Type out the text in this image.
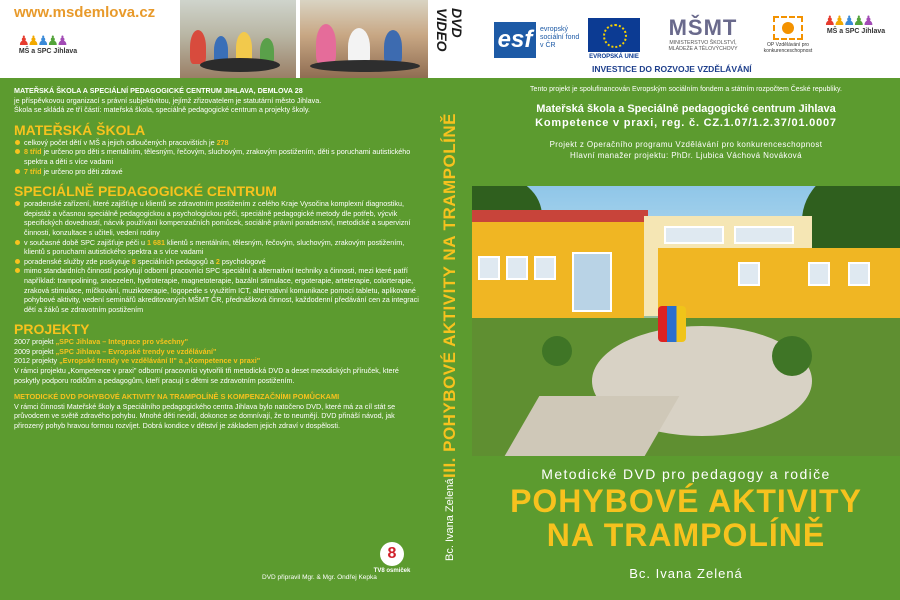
www.msdemlova.cz
♟♟♟♟♟
MŠ a SPC Jihlava

MATEŘSKÁ ŠKOLA A SPECIÁLNÍ PEDAGOGICKÉ CENTRUM JIHLAVA, DEMLOVA 28

je příspěvkovou organizací s právní subjektivitou, jejímž zřizovatelem je statutární město Jihlava.

Škola se skládá ze tří částí: mateřská škola, speciálně pedagogické centrum a projekty školy.

MATEŘSKÁ ŠKOLA
celkový počet dětí v MŠ a jejich odloučených pracovištích je 278
8 tříd je určeno pro děti s mentálním, tělesným, řečovým, sluchovým, zrakovým postižením, děti s poruchami autistického spektra a děti s více vadami
7 tříd je určeno pro děti zdravé
SPECIÁLNĚ PEDAGOGICKÉ CENTRUM
poradenské zařízení, které zajišťuje u klientů se zdravotním postižením z celého Kraje Vysočina komplexní diagnostiku, depistáž a včasnou speciálně pedagogickou a psychologickou péči, speciálně pedagogické metody dle potřeb, výcvik specifických dovedností, nácvik používání kompenzačních pomůcek, sociálně právní poradenství, metodické a supervizní činnosti, konzultace s učiteli, vedení rodiny
v současné době SPC zajišťuje péči u 1 681 klientů s mentálním, tělesným, řečovým, sluchovým, zrakovým postižením, klientů s poruchami autistického spektra a s více vadami
poradenské služby zde poskytuje 8 speciálních pedagogů a 2 psychologové
mimo standardních činností poskytují odborní pracovníci SPC speciální a alternativní techniky a činnosti, mezi které patří například: trampolining, snoezelen, hydroterapie, magnetoterapie, bazální stimulace, ergoterapie, arteterapie, colorterapie, zraková stimulace, míčkování, muzikoterapie, logopedie s využitím ICT, alternativní komunikace pomocí tabletu, aplikované pohybové aktivity, vedení seminářů akreditovaných MŠMT ČR, přednášková činnost, každodenní předávání cen za integraci dětí a žáků se zdravotním postižením
PROJEKTY

2007 projekt „SPC Jihlava – Integrace pro všechny"

2009 projekt „SPC Jihlava – Evropské trendy ve vzdělávání"

2012 projekty „Evropské trendy ve vzdělávání II" a „Kompetence v praxi"

V rámci projektu „Kompetence v praxi" odborní pracovníci vytvořili tři metodická DVD a deset metodických příruček, které poskytly podporu rodičům a pedagogům, kteří pracují s dětmi se zdravotním postižením.

METODICKÉ DVD POHYBOVÉ AKTIVITY NA TRAMPOLÍNĚ S KOMPENZAČNÍMI POMŮCKAMI

V rámci činnosti Mateřské školy a Speciálního pedagogického centra Jihlava bylo natočeno DVD, které má za cíl stát se průvodcem ve světě zdravého pohybu. Mnohé děti nevidí, dokonce se domnívají, že to neumějí. DVD přináší návod, jak přirozený pohyb hravou formou rozvíjet. Dobrá kondice v dětství je základem jejich zdraví v dospělosti.

DVD připravil Mgr. & Mgr. Ondřej Kepka
8
TV8 osmiček
DVD VIDEO
III. POHYBOVÉ AKTIVITY NA TRAMPOLÍNĚ
Bc. Ivana Zelená
esf	evropský sociální fond v ČR
EVROPSKÁ UNIE
MŠMT
MINISTERSTVO ŠKOLSTVÍ, MLÁDEŽE A TĚLOVÝCHOVY
OP Vzdělávání pro konkurenceschopnost
♟♟♟♟♟
MŠ a SPC Jihlava
INVESTICE DO ROZVOJE VZDĚLÁVÁNÍ
Tento projekt je spolufinancován Evropským sociálním fondem a státním rozpočtem České republiky.
Mateřská škola a Speciálně pedagogické centrum Jihlava
Kompetence v praxi, reg. č. CZ.1.07/1.2.37/01.0007
Projekt z Operačního programu Vzdělávání pro konkurenceschopnost
Hlavní manažer projektu: PhDr. Ljubica Váchová Nováková
Metodické DVD pro pedagogy a rodiče
POHYBOVÉ AKTIVITY
NA TRAMPOLÍNĚ
Bc. Ivana Zelená
